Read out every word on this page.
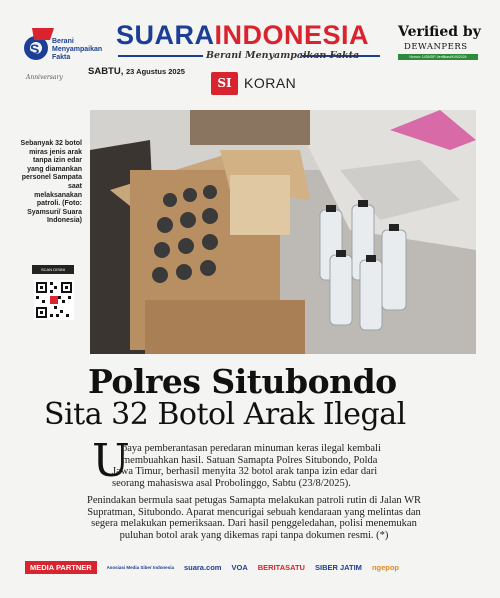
S Berani
Menyampaikan
Fakta
Anniversary
SUARAINDONESIA
Berani Menyampaikan Fakta
Verified by
DEWANPERS
Nomor: 1439/DP-Verifikasi/K/III/2024
SABTU, 23 Agustus 2025
SI KORAN
Sebanyak 32 botol miras jenis arak tanpa izin edar yang diamankan personel Sampata saat melaksanakan patroli. (Foto: Syamsuri/ Suara Indonesia)
SCAN DISINI
Polres Situbondo
Sita 32 Botol Arak Ilegal
U
paya pemberantasan peredaran minuman keras ilegal kembali
membuahkan hasil. Satuan Samapta Polres Situbondo, Polda
Jawa Timur, berhasil menyita 32 botol arak tanpa izin edar dari seorang mahasiswa asal Probolinggo, Sabtu (23/8/2025).
Penindakan bermula saat petugas Samapta melakukan patroli rutin di Jalan WR Supratman, Situbondo. Aparat mencurigai sebuah kendaraan yang melintas dan segera melakukan pemeriksaan. Dari hasil penggeledahan, polisi menemukan puluhan botol arak yang dikemas rapi tanpa dokumen resmi. (*)
MEDIA PARTNER	Asosiasi Media Siber Indonesia suara.com VOA BERITASATU SIBER JATIM ngepop
